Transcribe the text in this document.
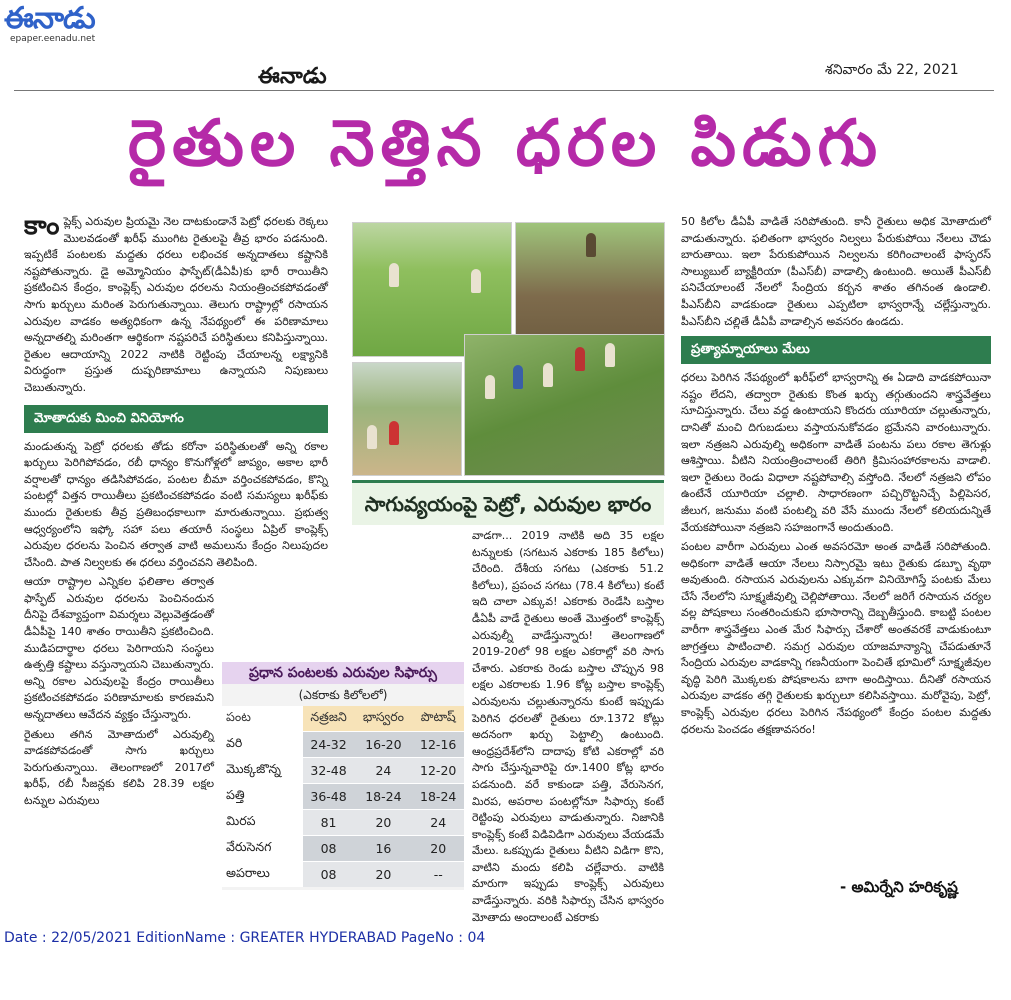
ఈనాడు
epaper.eenadu.net
ఈనాడు	శనివారం మే 22, 2021
రైతుల నెత్తిన ధరల పిడుగు

కాం ప్లెక్స్ ఎరువుల ప్రియమై నెల దాటకుండానే పెట్రో ధరలకు రెక్కలు మొలవడంతో ఖరీఫ్ ముంగిట రైతులపై తీవ్ర భారం పడనుంది. ఇప్పటికే పంటలకు మద్దతు ధరలు లభించక అన్నదాతలు కష్టానికి నష్టపోతున్నారు. డై అమ్మోనియం ఫాస్ఫేట్(డీఏపీ)కు భారీ రాయితీని ప్రకటించిన కేంద్రం, కాంప్లెక్స్ ఎరువుల ధరలను నియంత్రించకపోవడంతో సాగు ఖర్చులు మరింత పెరుగుతున్నాయి. తెలుగు రాష్ట్రాల్లో రసాయన ఎరువుల వాడకం అత్యధికంగా ఉన్న నేపథ్యంలో ఈ పరిణామాలు అన్నదాతల్ని మరింతగా ఆర్థికంగా నష్టపరిచే పరిస్థితులు కనిపిస్తున్నాయి. రైతుల ఆదాయాన్ని 2022 నాటికి రెట్టింపు చేయాలన్న లక్ష్యానికి విరుద్ధంగా ప్రస్తుత దుష్పరిణామాలు ఉన్నాయని నిపుణులు చెబుతున్నారు.

మోతాదుకు మించి వినియోగం

మండుతున్న పెట్రో ధరలకు తోడు కరోనా పరిస్థితులతో అన్ని రకాల ఖర్చులు పెరిగిపోవడం, రబీ ధాన్యం కొనుగోళ్లలో జాప్యం, అకాల భారీ వర్షాలతో ధాన్యం తడిసిపోవడం, పంటల బీమా వర్తించకపోవడం, కొన్ని పంటల్లో విత్తన రాయితీలు ప్రకటించకపోవడం వంటి సమస్యలు ఖరీఫ్‌కు ముందు రైతులకు తీవ్ర ప్రతిబంధకాలుగా మారుతున్నాయి. ప్రభుత్వ ఆధ్వర్యంలోని ఇఫ్కో సహా పలు తయారీ సంస్థలు ఏప్రిల్ కాంప్లెక్స్ ఎరువుల ధరలను పెంచిన తర్వాత వాటి అమలును కేంద్రం నిలుపుదల చేసింది. పాత నిల్వలకు ఈ ధరలు వర్తించవని తెలిపింది.

ఆయా రాష్ట్రాల ఎన్నికల ఫలితాల తర్వాత ఫాస్ఫేట్ ఎరువుల ధరలను పెంచినందున దీనిపై దేశవ్యాప్తంగా విమర్శలు వెల్లువెత్తడంతో డీఏపీపై 140 శాతం రాయితీని ప్రకటించింది. ముడిపదార్థాల ధరలు పెరిగాయని సంస్థలు ఉత్పత్తి కష్టాలు వస్తున్నాయని చెబుతున్నారు. అన్ని రకాల ఎరువులపై కేంద్రం రాయితీలు ప్రకటించకపోవడం పరిణామాలకు కారణమని అన్నదాతలు ఆవేదన వ్యక్తం చేస్తున్నారు.

రైతులు తగిన మోతాదులో ఎరువుల్ని వాడకపోవడంతో సాగు ఖర్చులు పెరుగుతున్నాయి. తెలంగాణలో 2017లో ఖరీఫ్, రబీ సీజన్లకు కలిపి 28.39 లక్షల టన్నుల ఎరువులు

సాగువ్యయంపై పెట్రో, ఎరువుల భారం

వాడగా... 2019 నాటికి అది 35 లక్షల టన్నులకు (సగటున ఎకరాకు 185 కిలోలు) చేరింది. దేశీయ సగటు (ఎకరాకు 51.2 కిలోలు), ప్రపంచ సగటు (78.4 కిలోలు) కంటే ఇది చాలా ఎక్కువ! ఎకరాకు రెండేసి బస్తాల డీఏపీ వాడే రైతులు అంతే మొత్తంలో కాంప్లెక్స్ ఎరువుల్నీ వాడేస్తున్నారు! తెలంగాణలో 2019-20లో 98 లక్షల ఎకరాల్లో వరి సాగు చేశారు. ఎకరాకు రెండు బస్తాల చొప్పున 98 లక్షల ఎకరాలకు 1.96 కోట్ల బస్తాల కాంప్లెక్స్ ఎరువులను చల్లుతున్నారను కుంటే ఇప్పుడు పెరిగిన ధరలతో రైతులు రూ.1372 కోట్లు అదనంగా ఖర్చు పెట్టాల్సి ఉంటుంది. ఆంధ్రప్రదేశ్‌లోని దాదాపు కోటి ఎకరాల్లో వరి సాగు చేస్తున్నవారిపై రూ.1400 కోట్ల భారం పడనుంది. వరే కాకుండా పత్తి, వేరుసెనగ, మిరప, అపరాల పంటల్లోనూ సిఫార్సు కంటే రెట్టింపు ఎరువులు వాడుతున్నారు. నిజానికి కాంప్లెక్స్ కంటే విడివిడిగా ఎరువులు వేయడమే మేలు. ఒకప్పుడు రైతులు వీటిని విడిగా కొని, వాటిని మందు కలిపి చల్లేవారు. వాటికి మారుగా ఇప్పుడు కాంప్లెక్స్ ఎరువులు వాడేస్తున్నారు. వరికి సిఫార్సు చేసిన భాస్వరం మోతాదు అందాలంటే ఎకరాకు

ప్రధాన పంటలకు ఎరువుల సిఫార్సు
(ఎకరాకు కిలోలలో)
పంట	నత్రజని	భాస్వరం	పొటాష్
వరి	24-32	16-20	12-16
మొక్కజొన్న	32-48	24	12-20
పత్తి	36-48	18-24	18-24
మిరప	81	20	24
వేరుసెనగ	08	16	20
అపరాలు	08	20	--

50 కిలోల డీఏపీ వాడితే సరిపోతుంది. కానీ రైతులు అధిక మోతాదులో వాడుతున్నారు. ఫలితంగా భాస్వరం నిల్వలు పేరుకుపోయి నేలలు చౌడు బారుతాయి. ఇలా పేరుకుపోయిన నిల్వలను కరిగించాలంటే ఫాస్ఫరస్ సాల్యుబుల్ బ్యాక్టీరియా (పీఎస్‌బీ) వాడాల్సి ఉంటుంది. అయితే పీఎస్‌బీ పనిచేయాలంటే నేలలో సేంద్రియ కర్బన శాతం తగినంత ఉండాలి. పీఎస్‌బీని వాడకుండా రైతులు ఎప్పటిలా భాస్వరాన్నే చల్లేస్తున్నారు. పీఎస్‌బీని చల్లితే డీఏపీ వాడాల్సిన అవసరం ఉండదు.

ప్రత్యామ్నాయాలు మేలు

ధరలు పెరిగిన నేపథ్యంలో ఖరీఫ్‌లో భాస్వరాన్ని ఈ ఏడాది వాడకపోయినా నష్టం లేదని, తద్వారా రైతుకు కొంత ఖర్చు తగ్గుతుందని శాస్త్రవేత్తలు సూచిస్తున్నారు. చేలు వద్ద ఉంటాయని కొందరు యూరియా చల్లుతున్నారు, దానితో మంచి దిగుబడులు వస్తాయనుకోవడం భ్రమేనని వారంటున్నారు. ఇలా నత్రజని ఎరువుల్ని అధికంగా వాడితే పంటను పలు రకాల తెగుళ్లు ఆశిస్తాయి. వీటిని నియంత్రించాలంటే తిరిగి క్రిమిసంహారకాలను వాడాలి. ఇలా రైతులు రెండు విధాలా నష్టపోవాల్సి వస్తోంది. నేలలో నత్రజని లోపం ఉంటేనే యూరియా చల్లాలి. సాధారణంగా పచ్చిరొట్టనిచ్చే పిల్లిపెసర, జీలుగ, జనుము వంటి పంటల్ని వరి వేసే ముందు నేలలో కలియదున్నితే వేయకపోయినా నత్రజని సహజంగానే అందుతుంది.

పంటల వారీగా ఎరువులు ఎంత అవసరమో అంత వాడితే సరిపోతుంది. అధికంగా వాడితే ఆయా నేలలు నిస్సారమై ఇటు రైతుకు డబ్బూ వృథా అవుతుంది. రసాయన ఎరువులను ఎక్కువగా వినియోగిస్తే పంటకు మేలు చేసే నేలలోని సూక్ష్మజీవుల్ని చెల్లిపోతాయి. నేలలో జరిగే రసాయన చర్యల వల్ల పోషకాలు సంతరించుకుని భూసారాన్ని దెబ్బతీస్తుంది. కాబట్టి పంటల వారీగా శాస్త్రవేత్తలు ఎంత మేర సిఫార్సు చేశారో అంతవరకే వాడుకుంటూ జాగ్రత్తలు పాటించాలి. సమగ్ర ఎరువుల యాజమాన్యాన్ని చేపడుతూనే సేంద్రియ ఎరువుల వాడకాన్ని గణనీయంగా పెంచితే భూమిలో సూక్ష్మజీవుల వృద్ధి పెరిగి మొక్కలకు పోషకాలను బాగా అందిస్తాయి. దీనితో రసాయన ఎరువుల వాడకం తగ్గి రైతులకు ఖర్చులూ కలిసివస్తాయి. మరోవైపు, పెట్రో, కాంప్లెక్స్ ఎరువుల ధరలు పెరిగిన నేపథ్యంలో కేంద్రం పంటల మద్దతు ధరలను పెంచడం తక్షణావసరం!

- అమిర్నేని హరికృష్ణ
Date : 22/05/2021 EditionName : GREATER HYDERABAD PageNo : 04
